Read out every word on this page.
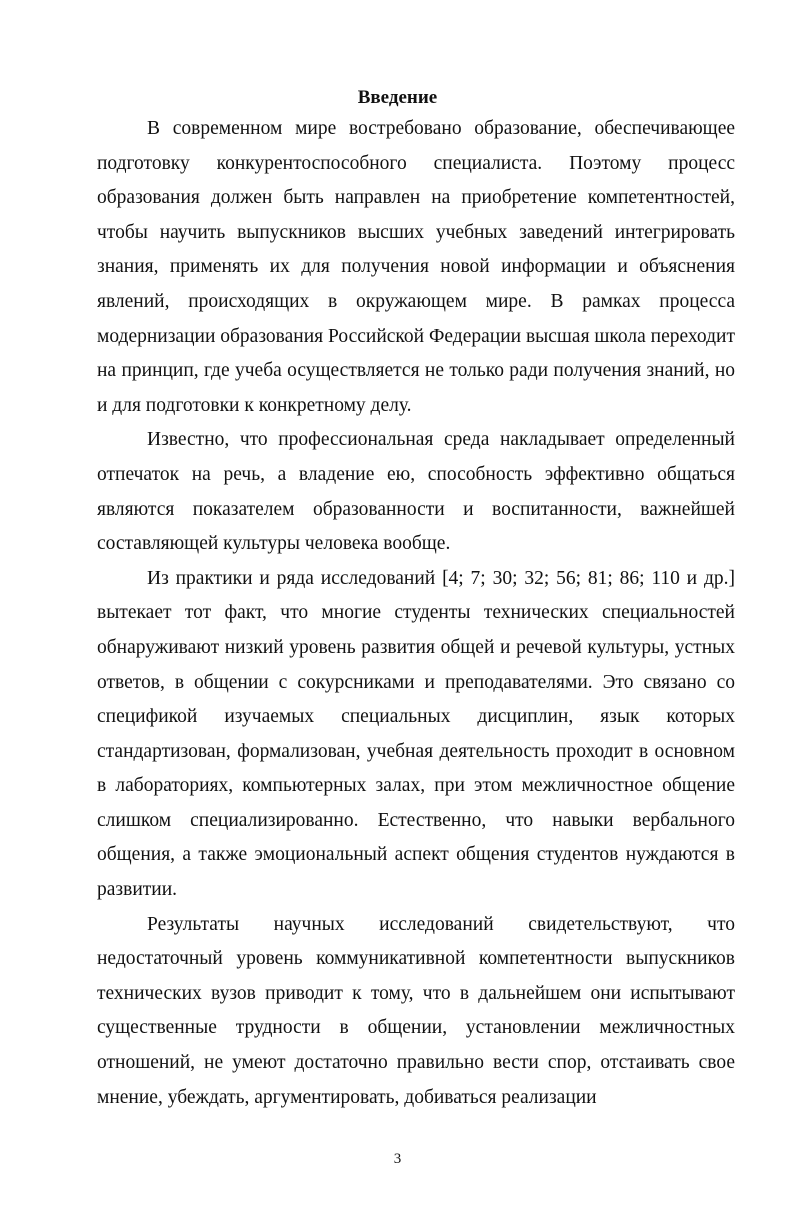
Введение

В современном мире востребовано образование, обеспечивающее подготовку конкурентоспособного специалиста. Поэтому процесс образования должен быть направлен на приобретение компетентностей, чтобы научить выпускников высших учебных заведений интегрировать знания, применять их для получения новой информации и объяснения явлений, происходящих в окружающем мире. В рамках процесса модернизации образования Российской Федерации высшая школа переходит на принцип, где учеба осуществляется не только ради получения знаний, но и для подготовки к конкретному делу.

Известно, что профессиональная среда накладывает определенный отпечаток на речь, а владение ею, способность эффективно общаться являются показателем образованности и воспитанности, важнейшей составляющей культуры человека вообще.

Из практики и ряда исследований [4; 7; 30; 32; 56; 81; 86; 110 и др.] вытекает тот факт, что многие студенты технических специальностей обнаруживают низкий уровень развития общей и речевой культуры, устных ответов, в общении с сокурсниками и преподавателями. Это связано со спецификой изучаемых специальных дисциплин, язык которых стандартизован, формализован, учебная деятельность проходит в основном в лабораториях, компьютерных залах, при этом межличностное общение слишком специализированно. Естественно, что навыки вербального общения, а также эмоциональный аспект общения студентов нуждаются в развитии.

Результаты научных исследований свидетельствуют, что недостаточный уровень коммуникативной компетентности выпускников технических вузов приводит к тому, что в дальнейшем они испытывают существенные трудности в общении, установлении межличностных отношений, не умеют достаточно правильно вести спор, отстаивать свое мнение, убеждать, аргументировать, добиваться реализации

3
